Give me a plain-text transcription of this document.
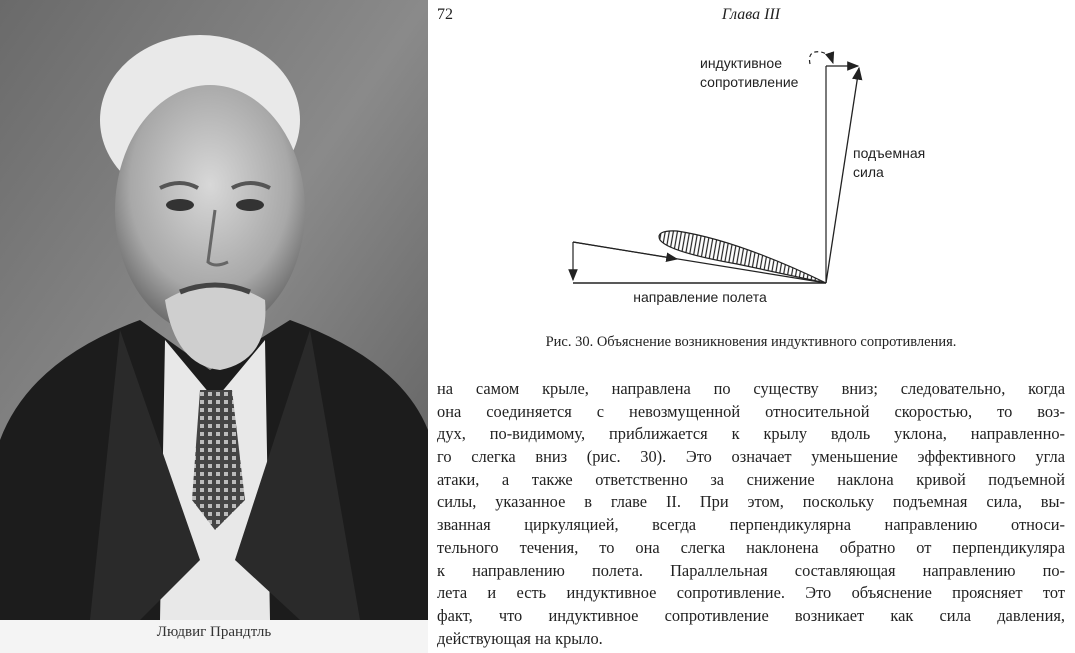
Людвиг Прандтль
72	Глава III
индуктивное
сопротивление
подъемная
сила
направление полета
Рис. 30. Объяснение возникновения индуктивного сопротивления.
на самом крыле, направлена по существу вниз; следовательно, когда
она соединяется с невозмущенной относительной скоростью, то воз-
дух, по-видимому, приближается к крылу вдоль уклона, направленно-
го слегка вниз (рис. 30). Это означает уменьшение эффективного угла
атаки, а также ответственно за снижение наклона кривой подъемной
силы, указанное в главе II. При этом, поскольку подъемная сила, вы-
званная циркуляцией, всегда перпендикулярна направлению относи-
тельного течения, то она слегка наклонена обратно от перпендикуляра
к направлению полета. Параллельная составляющая направлению по-
лета и есть индуктивное сопротивление. Это объяснение проясняет тот
факт, что индуктивное сопротивление возникает как сила давления,
действующая на крыло.
